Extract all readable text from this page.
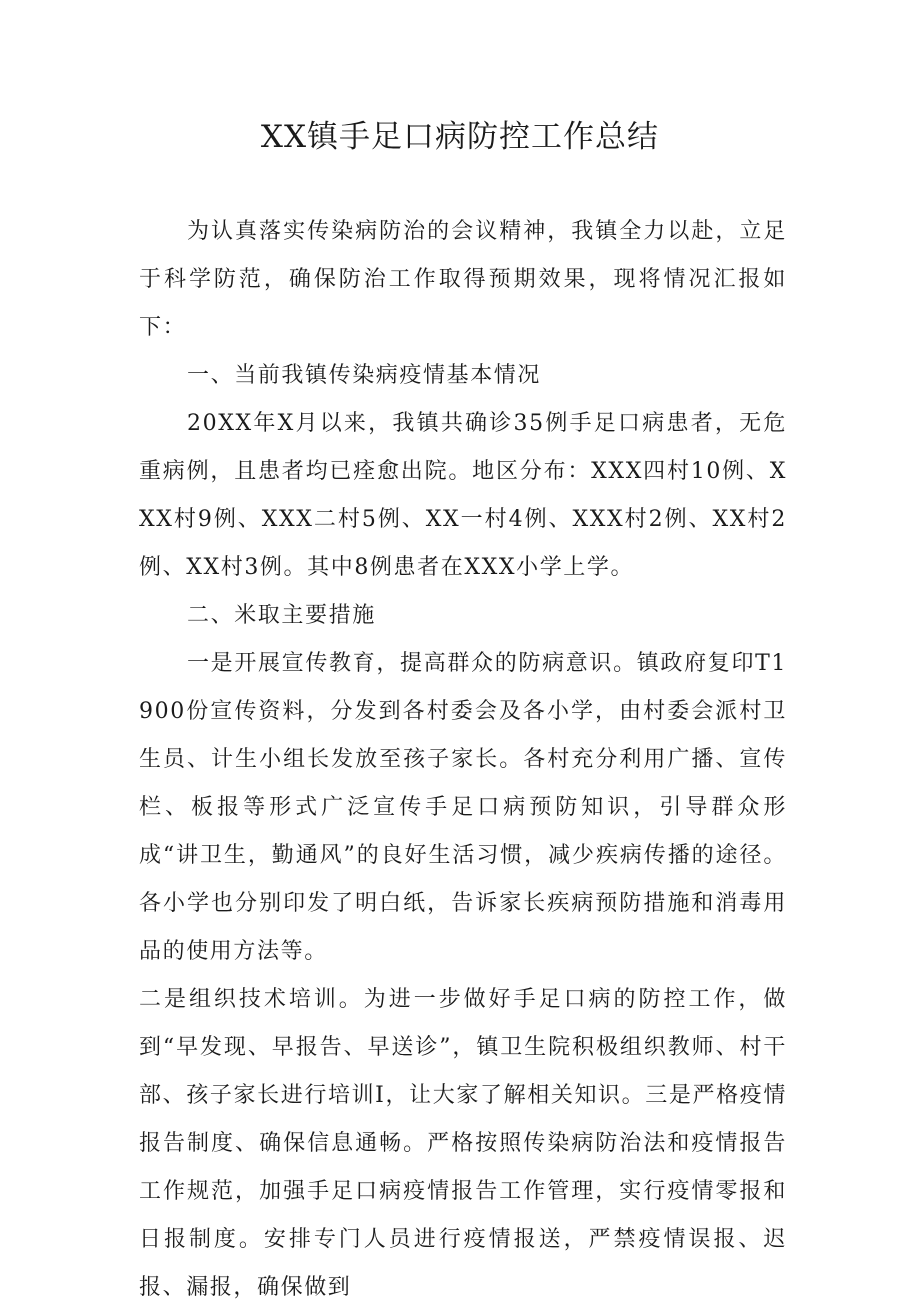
XX镇手足口病防控工作总结

为认真落实传染病防治的会议精神，我镇全力以赴，立足于科学防范，确保防治工作取得预期效果，现将情况汇报如下：

一、当前我镇传染病疫情基本情况

20XX年X月以来，我镇共确诊35例手足口病患者，无危重病例，且患者均已痊愈出院。地区分布：XXX四村10例、XXX村9例、XXX二村5例、XX一村4例、XXX村2例、XX村2例、XX村3例。其中8例患者在XXX小学上学。

二、米取主要措施

一是开展宣传教育，提高群众的防病意识。镇政府复印T1900份宣传资料，分发到各村委会及各小学，由村委会派村卫生员、计生小组长发放至孩子家长。各村充分利用广播、宣传栏、板报等形式广泛宣传手足口病预防知识，引导群众形成“讲卫生，勤通风”的良好生活习惯，减少疾病传播的途径。各小学也分别印发了明白纸，告诉家长疾病预防措施和消毒用品的使用方法等。

二是组织技术培训。为进一步做好手足口病的防控工作，做到“早发现、早报告、早送诊”，镇卫生院积极组织教师、村干部、孩子家长进行培训I，让大家了解相关知识。三是严格疫情报告制度、确保信息通畅。严格按照传染病防治法和疫情报告工作规范，加强手足口病疫情报告工作管理，实行疫情零报和日报制度。安排专门人员进行疫情报送，严禁疫情误报、迟报、漏报，确保做到
